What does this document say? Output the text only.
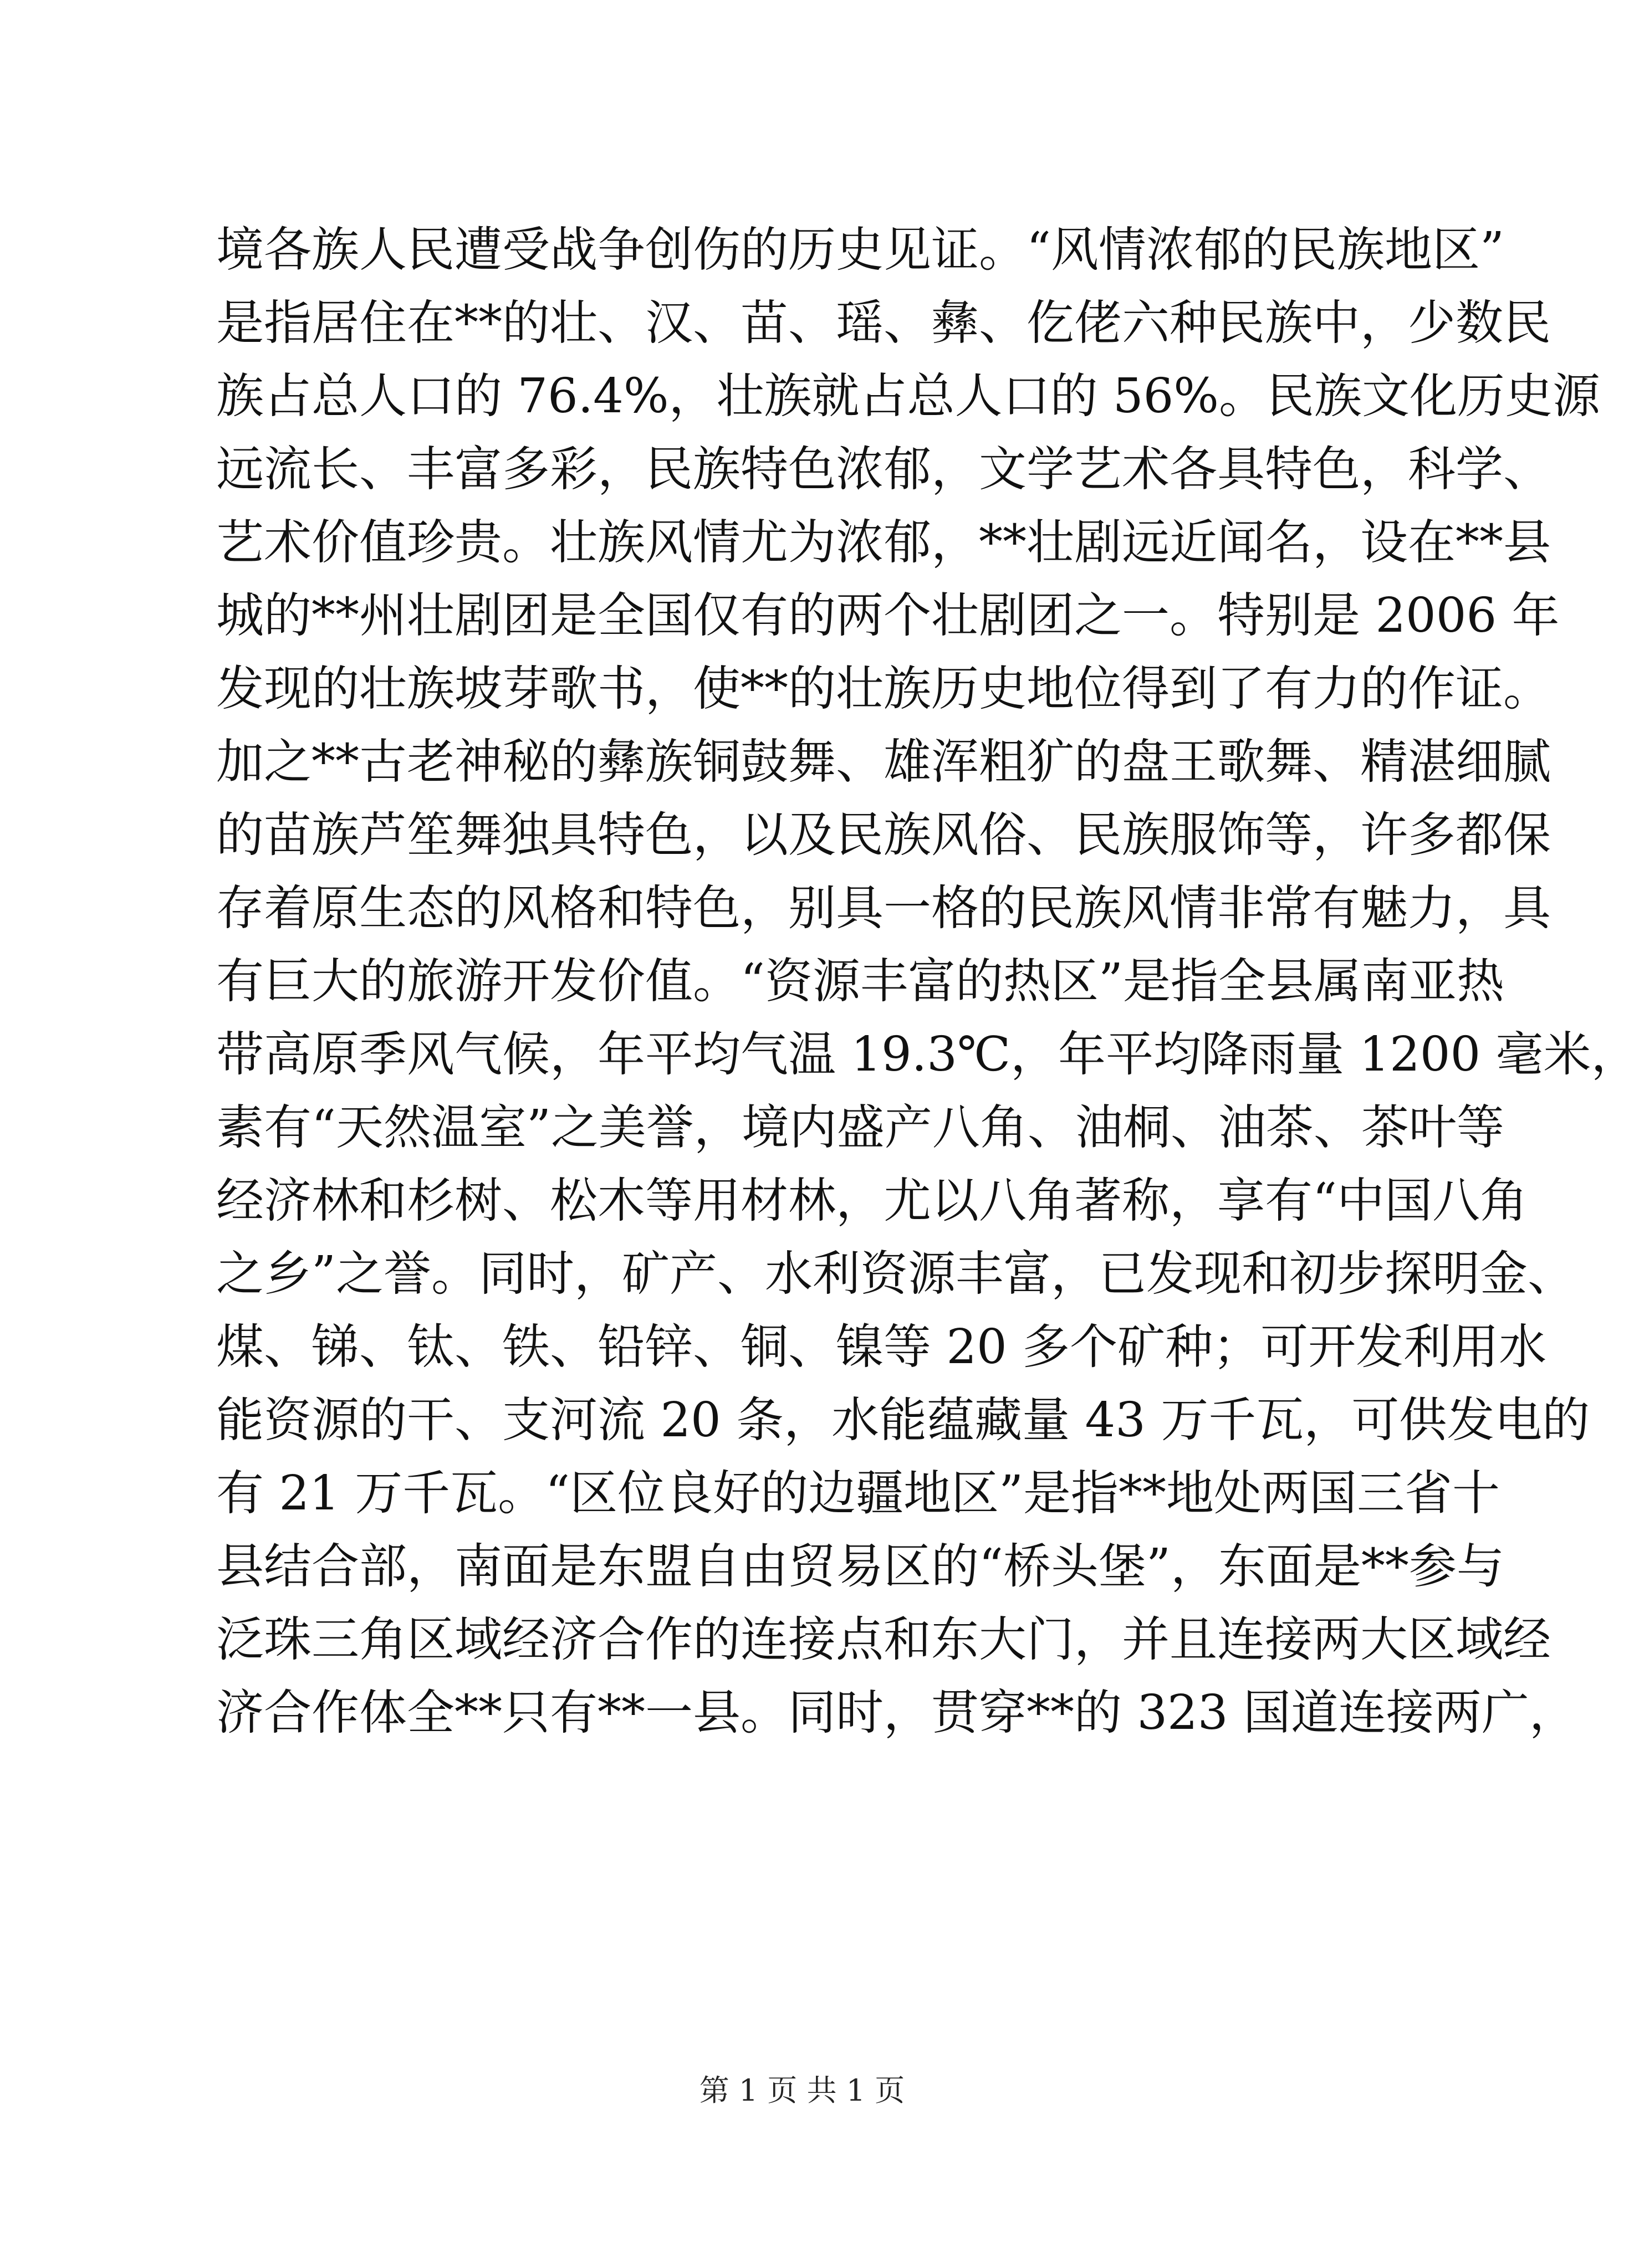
境各族人民遭受战争创伤的历史见证。“风情浓郁的民族地区”
是指居住在**的壮、汉、苗、瑶、彝、仡佬六种民族中，少数民
族占总人口的 76.4%，壮族就占总人口的 56%。民族文化历史源
远流长、丰富多彩，民族特色浓郁，文学艺术各具特色，科学、
艺术价值珍贵。壮族风情尤为浓郁，**壮剧远近闻名，设在**县
城的**州壮剧团是全国仅有的两个壮剧团之一。特别是 2006 年
发现的壮族坡芽歌书，使**的壮族历史地位得到了有力的作证。
加之**古老神秘的彝族铜鼓舞、雄浑粗犷的盘王歌舞、精湛细腻
的苗族芦笙舞独具特色，以及民族风俗、民族服饰等，许多都保
存着原生态的风格和特色，别具一格的民族风情非常有魅力，具
有巨大的旅游开发价值。“资源丰富的热区”是指全县属南亚热
带高原季风气候，年平均气温 19.3℃，年平均降雨量 1200 毫米，
素有“天然温室”之美誉，境内盛产八角、油桐、油茶、茶叶等
经济林和杉树、松木等用材林，尤以八角著称，享有“中国八角
之乡”之誉。同时，矿产、水利资源丰富，已发现和初步探明金、
煤、锑、钛、铁、铅锌、铜、镍等 20 多个矿种；可开发利用水
能资源的干、支河流 20 条，水能蕴藏量 43 万千瓦，可供发电的
有 21 万千瓦。“区位良好的边疆地区”是指**地处两国三省十
县结合部，南面是东盟自由贸易区的“桥头堡”，东面是**参与
泛珠三角区域经济合作的连接点和东大门，并且连接两大区域经
济合作体全**只有**一县。同时，贯穿**的 323 国道连接两广，
第 1 页 共 1 页
